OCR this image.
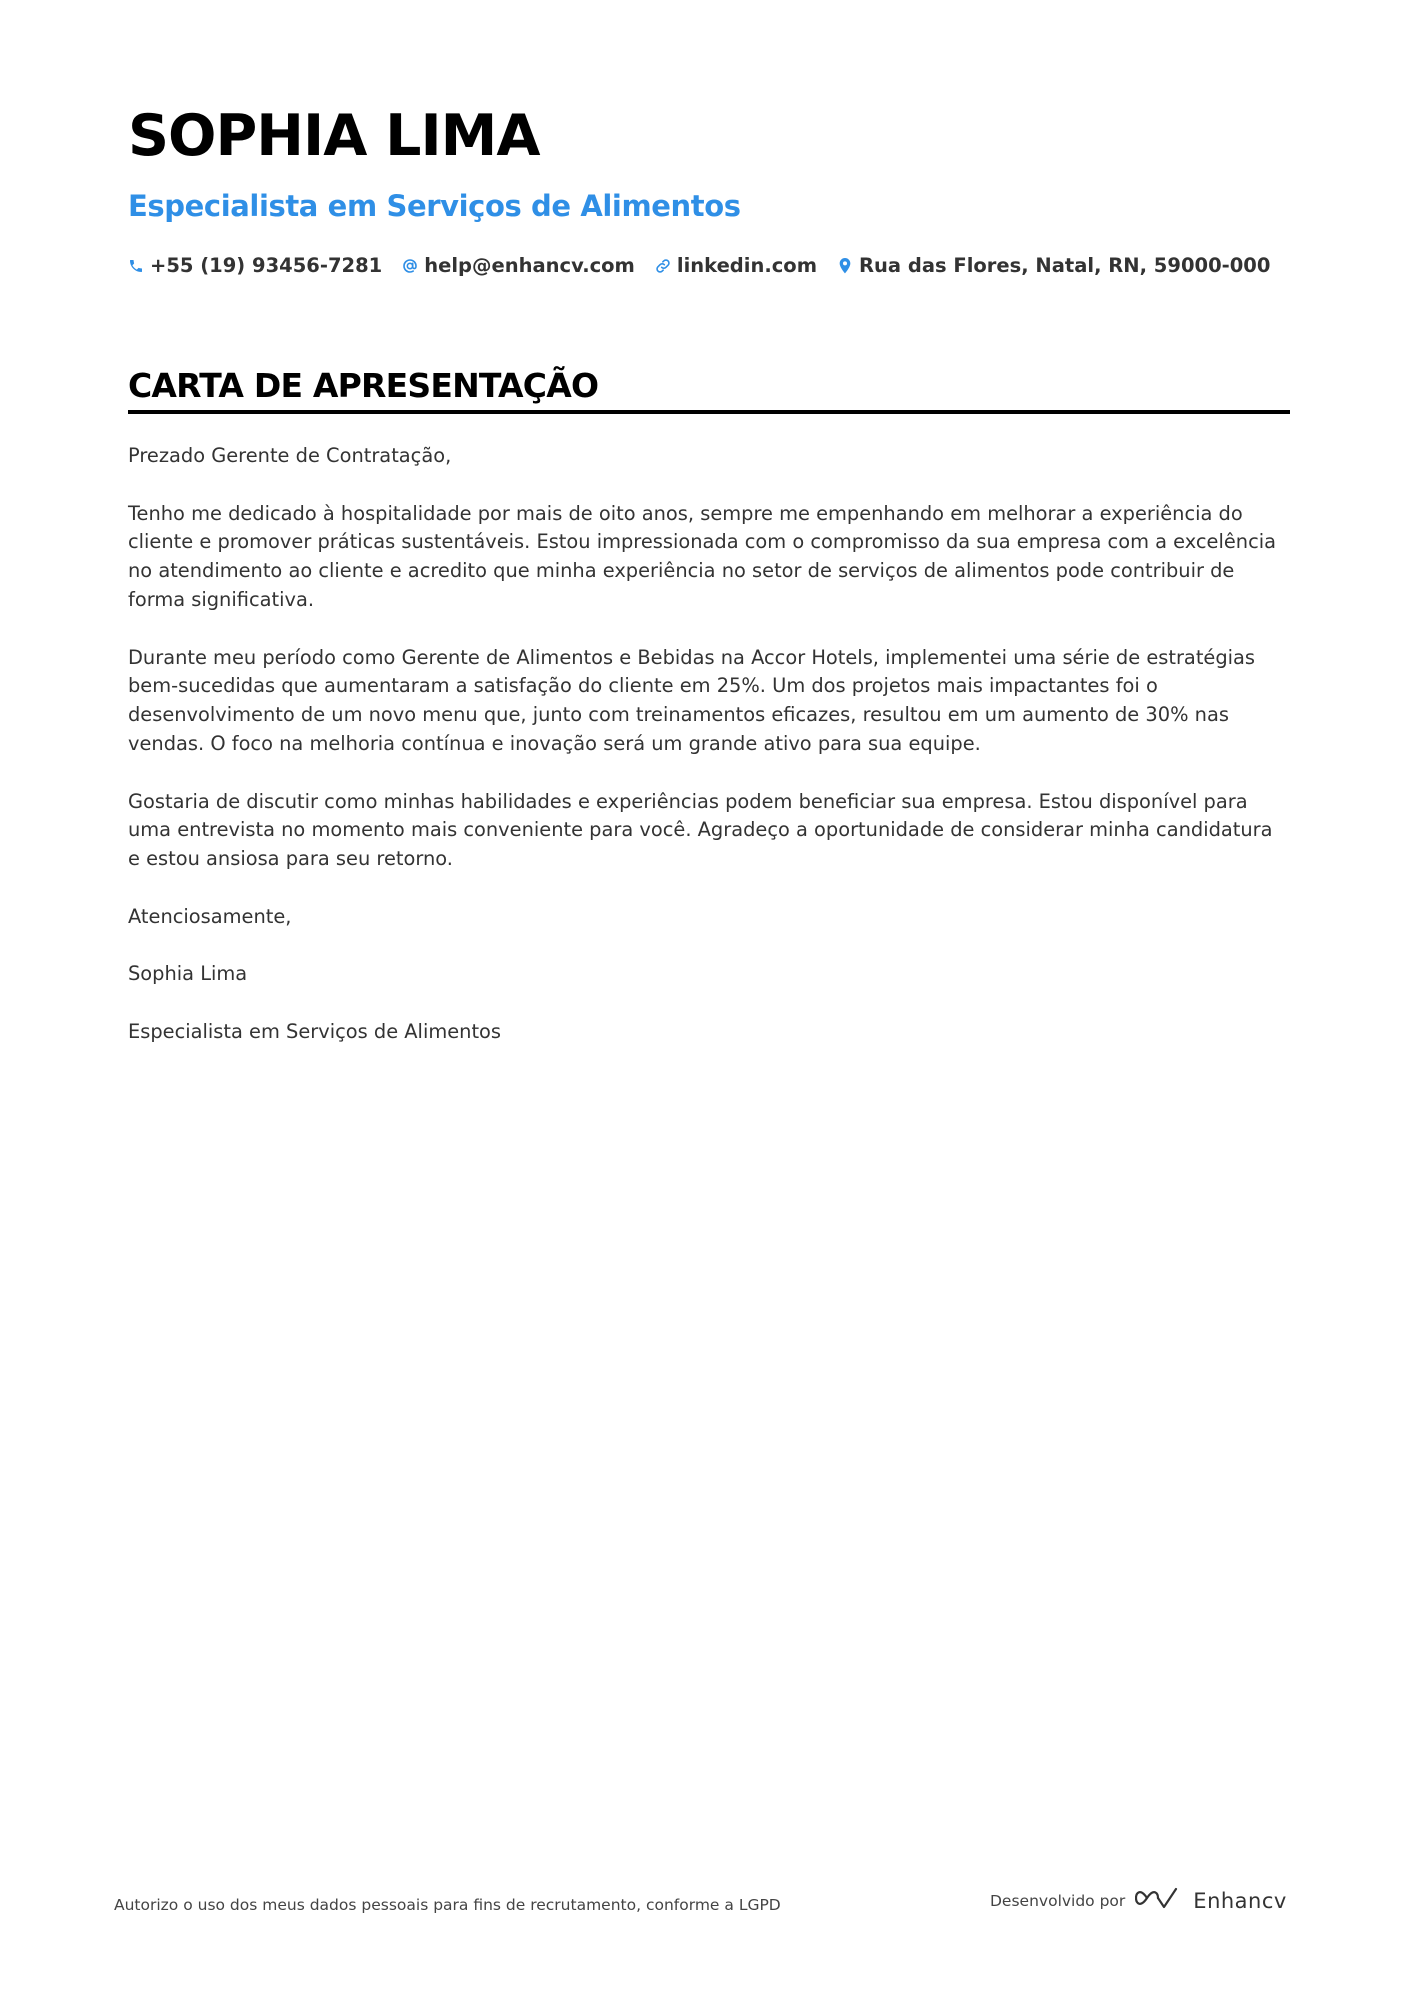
SOPHIA LIMA
Especialista em Serviços de Alimentos
+55 (19) 93456-7281 help@enhancv.com linkedin.com Rua das Flores, Natal, RN, 59000-000
CARTA DE APRESENTAÇÃO

Prezado Gerente de Contratação,

Tenho me dedicado à hospitalidade por mais de oito anos, sempre me empenhando em melhorar a experiência do cliente e promover práticas sustentáveis. Estou impressionada com o compromisso da sua empresa com a excelência no atendimento ao cliente e acredito que minha experiência no setor de serviços de alimentos pode contribuir de forma significativa.

Durante meu período como Gerente de Alimentos e Bebidas na Accor Hotels, implementei uma série de estratégias bem-sucedidas que aumentaram a satisfação do cliente em 25%. Um dos projetos mais impactantes foi o desenvolvimento de um novo menu que, junto com treinamentos eficazes, resultou em um aumento de 30% nas vendas. O foco na melhoria contínua e inovação será um grande ativo para sua equipe.

Gostaria de discutir como minhas habilidades e experiências podem beneficiar sua empresa. Estou disponível para uma entrevista no momento mais conveniente para você. Agradeço a oportunidade de considerar minha candidatura e estou ansiosa para seu retorno.

Atenciosamente,

Sophia Lima

Especialista em Serviços de Alimentos

Autorizo o uso dos meus dados pessoais para fins de recrutamento, conforme a LGPD	Desenvolvido por	Enhancv
